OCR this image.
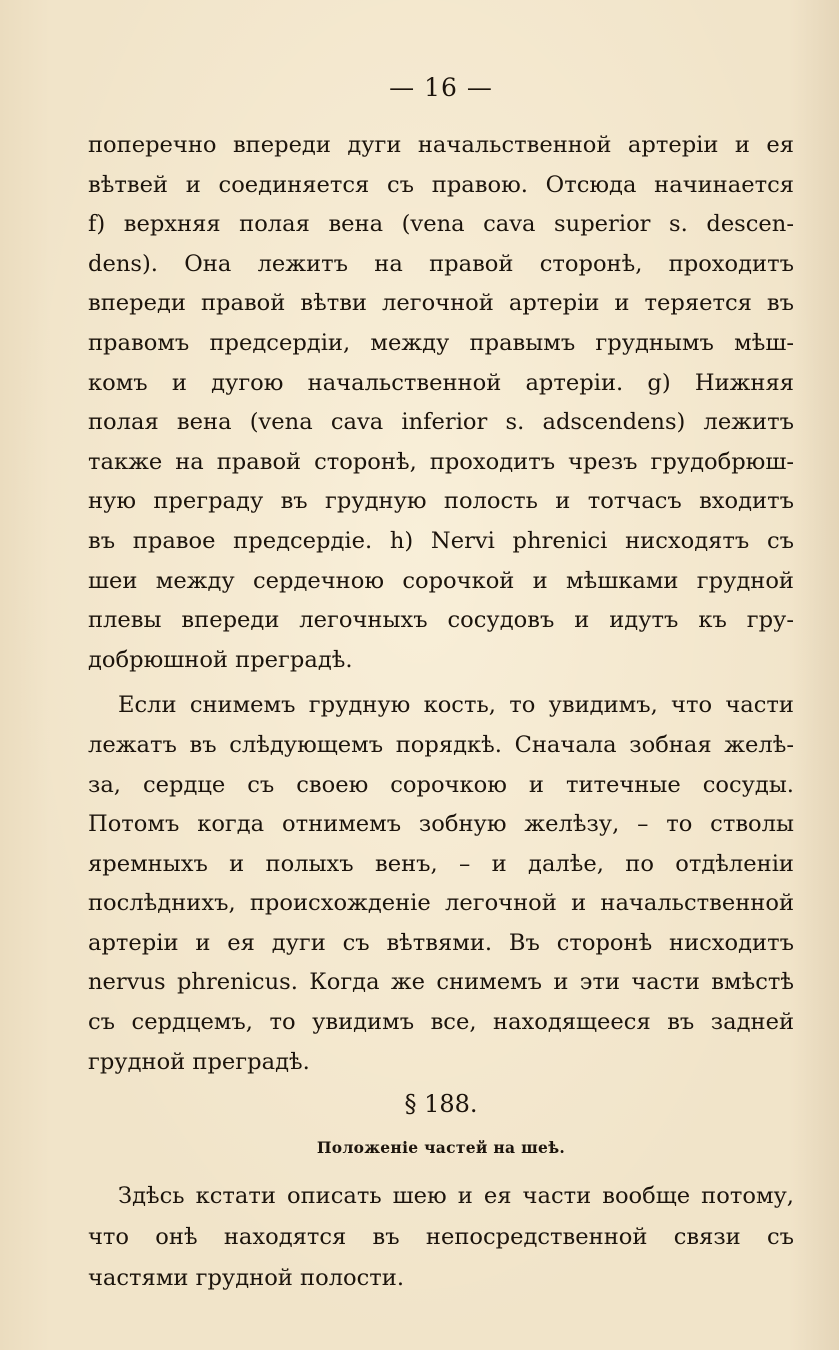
— 16 —
поперечно впереди дуги начальственной артеріи и ея
вѣтвей и соединяется съ правою. Отсюда начинается
f) верхняя полая вена (vena cava superior s. descen-
dens). Она лежитъ на правой сторонѣ, проходитъ
впереди правой вѣтви легочной артеріи и теряется въ
правомъ предсердіи, между правымъ груднымъ мѣш-
комъ и дугою начальственной артеріи. g) Нижняя
полая вена (vena cava inferior s. adscendens) лежитъ
также на правой сторонѣ, проходитъ чрезъ грудобрюш-
ную преграду въ грудную полость и тотчасъ входитъ
въ правое предсердіе. h) Nervi phrenici нисходятъ съ
шеи между сердечною сорочкой и мѣшками грудной
плевы впереди легочныхъ сосудовъ и идутъ къ гру-
добрюшной преградѣ.
Если снимемъ грудную кость, то увидимъ, что части
лежатъ въ слѣдующемъ порядкѣ. Сначала зобная желѣ-
за, сердце съ своею сорочкою и титечные сосуды.
Потомъ когда отнимемъ зобную желѣзу, – то стволы
яремныхъ и полыхъ венъ, – и далѣе, по отдѣленіи
послѣднихъ, происхожденіе легочной и начальственной
артеріи и ея дуги съ вѣтвями. Въ сторонѣ нисходитъ
nervus phrenicus. Когда же снимемъ и эти части вмѣстѣ
съ сердцемъ, то увидимъ все, находящееся въ задней
грудной преградѣ.
§ 188.
Положеніе частей на шеѣ.
Здѣсь кстати описать шею и ея части вообще потому,
что онѣ находятся въ непосредственной связи съ
частями грудной полости.
